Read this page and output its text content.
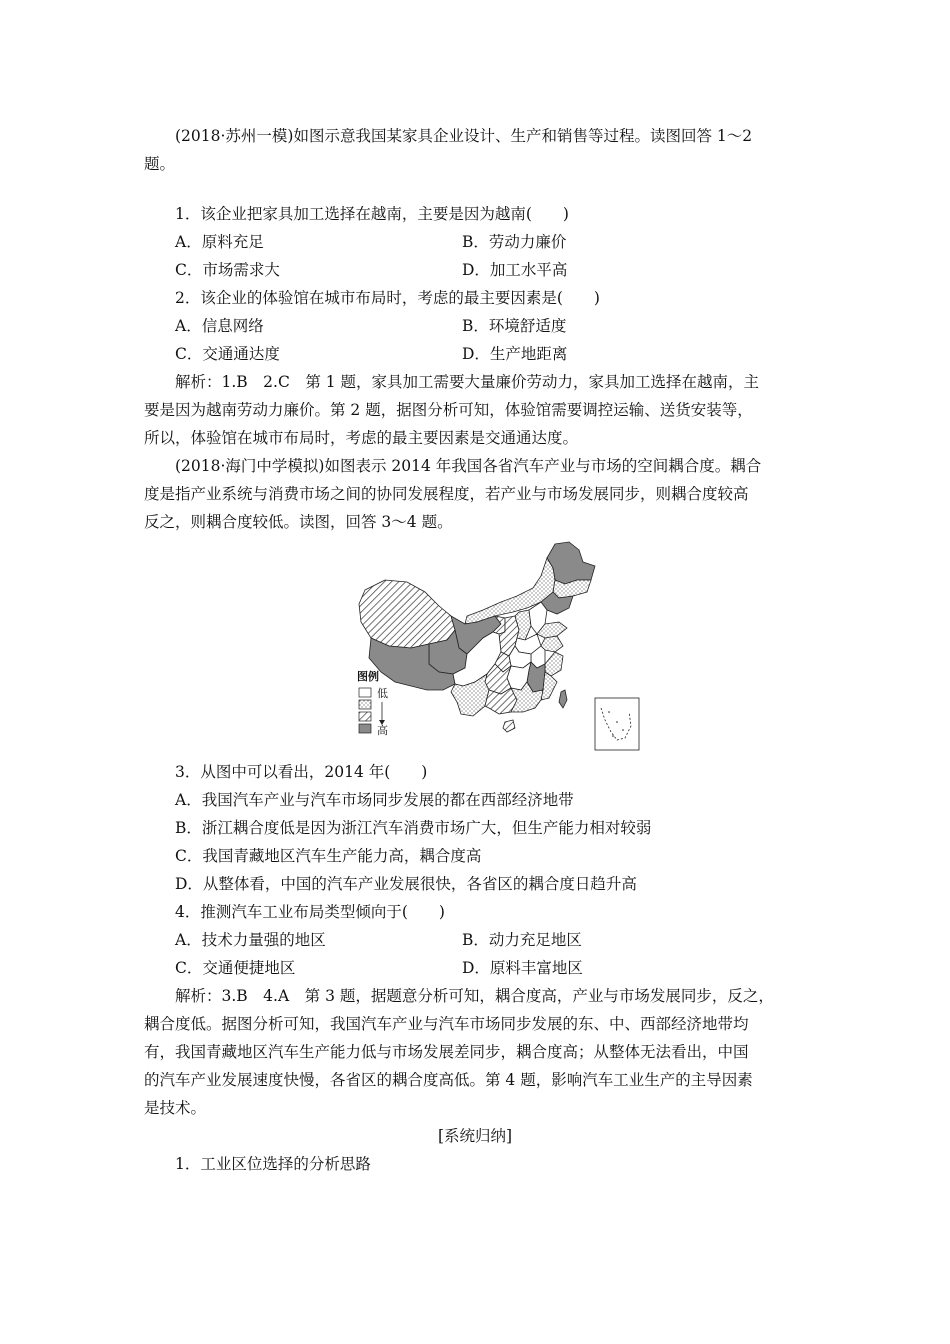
(2018·苏州一模)如图示意我国某家具企业设计、生产和销售等过程。读图回答 1～2
题。
1．该企业把家具加工选择在越南，主要是因为越南(　　)
A．原料充足	B．劳动力廉价
C．市场需求大	D．加工水平高
2．该企业的体验馆在城市布局时，考虑的最主要因素是(　　)
A．信息网络	B．环境舒适度
C．交通通达度	D．生产地距离
解析：1.B　2.C　第 1 题，家具加工需要大量廉价劳动力，家具加工选择在越南，主
要是因为越南劳动力廉价。第 2 题，据图分析可知，体验馆需要调控运输、送货安装等，
所以，体验馆在城市布局时，考虑的最主要因素是交通通达度。
(2018·海门中学模拟)如图表示 2014 年我国各省汽车产业与市场的空间耦合度。耦合
度是指产业系统与消费市场之间的协同发展程度，若产业与市场发展同步，则耦合度较高
反之，则耦合度较低。读图，回答 3～4 题。
图例
低
高
3．从图中可以看出，2014 年(　　)
A．我国汽车产业与汽车市场同步发展的都在西部经济地带
B．浙江耦合度低是因为浙江汽车消费市场广大，但生产能力相对较弱
C．我国青藏地区汽车生产能力高，耦合度高
D．从整体看，中国的汽车产业发展很快，各省区的耦合度日趋升高
4．推测汽车工业布局类型倾向于(　　)
A．技术力量强的地区	B．动力充足地区
C．交通便捷地区	D．原料丰富地区
解析：3.B　4.A　第 3 题，据题意分析可知，耦合度高，产业与市场发展同步，反之，
耦合度低。据图分析可知，我国汽车产业与汽车市场同步发展的东、中、西部经济地带均
有，我国青藏地区汽车生产能力低与市场发展差同步，耦合度高；从整体无法看出，中国
的汽车产业发展速度快慢，各省区的耦合度高低。第 4 题，影响汽车工业生产的主导因素
是技术。
[系统归纳]
1．工业区位选择的分析思路
